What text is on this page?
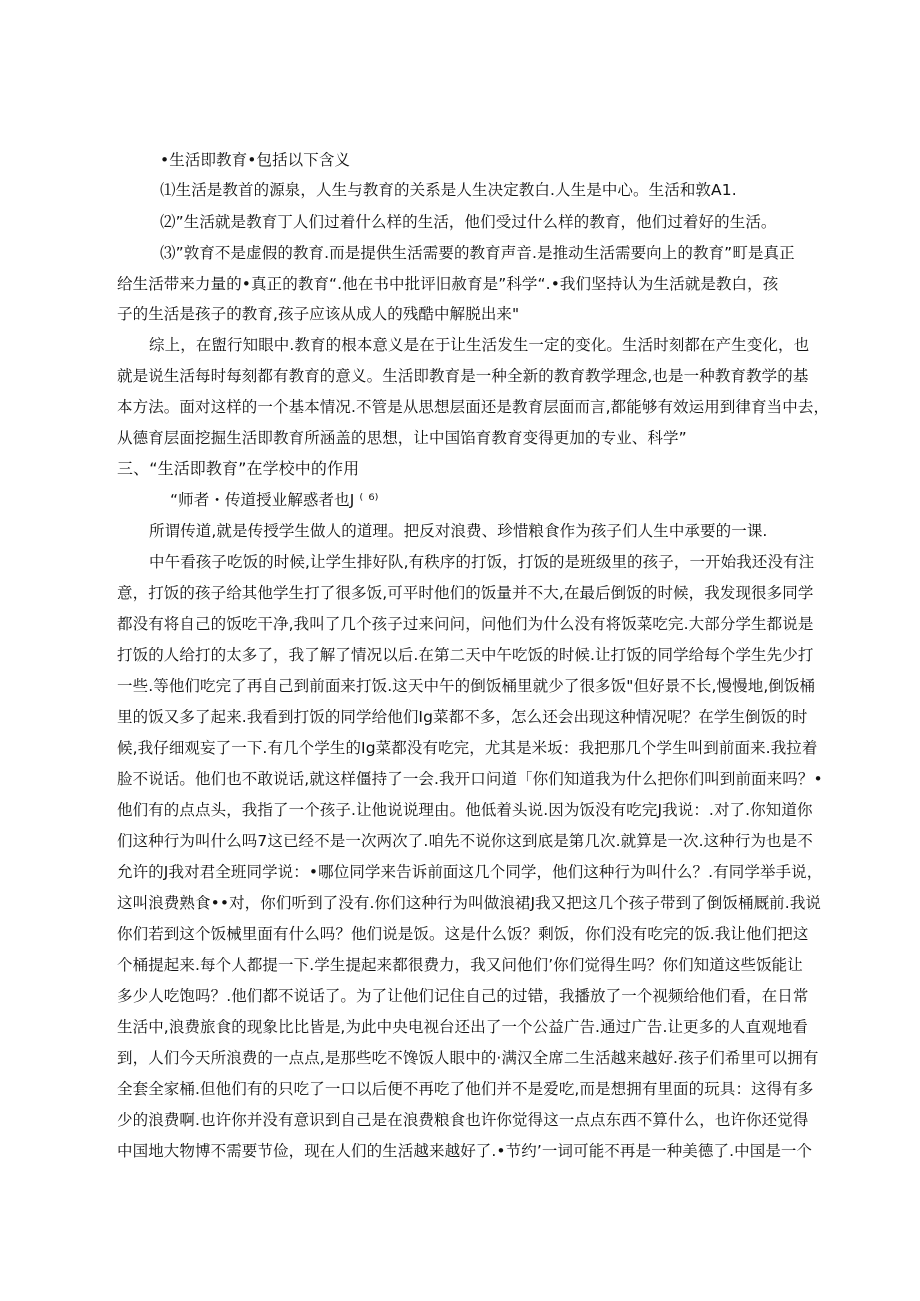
•生活即教育•包括以下含义
⑴生活是教首的源泉，人生与教育的关系是人生决定教白.人生是中心。生活和敦A1.
⑵”生活就是教育丁人们过着什么样的生活，他们受过什么样的教育，他们过着好的生活。
⑶”敦育不是虚假的教育.而是提供生活需要的教育声音.是推动生活需要向上的教育”町是真正
给生活带来力量的•真正的教育“.他在书中批评旧赦育是”科学“.•我们坚持认为生活就是教白，孩
子的生活是孩子的教育,孩子应该从成人的残酷中解脱出来"
综上，在盥行知眼中.教育的根本意义是在于让生活发生一定的变化。生活时刻都在产生变化，也
就是说生活每时每刻都有教育的意义。生活即教育是一种全新的教育教学理念,也是一种教育教学的基
本方法。面对这样的一个基本情况.不管是从思想层面还是教育层面而言,都能够有效运用到律育当中去，
从德育层面挖掘生活即教育所涵盖的思想，让中国馅育教育变得更加的专业、科学”
三、“生活即教育”在学校中的作用
“师者・传道授业解惑者也J ⁽ ⁶⁾
所谓传道,就是传授学生做人的道理。把反对浪费、珍惜粮食作为孩子们人生中承要的一课.
中午看孩子吃饭的时候,让学生排好队,有秩序的打饭，打饭的是班级里的孩子，一开始我还没有注
意，打饭的孩子给其他学生打了很多饭,可平时他们的饭量并不大,在最后倒饭的时候，我发现很多同学
都没有将自己的饭吃干净,我叫了几个孩子过来问问，问他们为什么没有将饭菜吃完.大部分学生都说是
打饭的人给打的太多了，我了解了情况以后.在第二天中午吃饭的时候.让打饭的同学给每个学生先少打
一些.等他们吃完了再自己到前面来打饭.这天中午的倒饭桶里就少了很多饭"但好景不长,慢慢地,倒饭桶
里的饭又多了起来.我看到打饭的同学给他们Ig菜都不多，怎么还会出现这种情况呢？在学生倒饭的时
候,我仔细观妄了一下.有几个学生的Ig菜都没有吃完，尤其是米坂：我把那几个学生叫到前面来.我拉着
脸不说话。他们也不敢说话,就这样僵持了一会.我开口问道「你们知道我为什么把你们叫到前面来吗？•
他们有的点点头，我指了一个孩子.让他说说理由。他低着头说.因为饭没有吃完J我说：.对了.你知道你
们这种行为叫什么吗7这已经不是一次两次了.咱先不说你这到底是第几次.就算是一次.这种行为也是不
允许的J我对君全班同学说：•哪位同学来告诉前面这几个同学，他们这种行为叫什么？.有同学举手说，
这叫浪费熟食••对，你们听到了没有.你们这种行为叫做浪裙J我又把这几个孩子带到了倒饭桶厩前.我说
你们若到这个饭械里面有什么吗？他们说是饭。这是什么饭？剩饭，你们没有吃完的饭.我让他们把这
个桶提起来.每个人都提一下.学生提起来都很费力，我又问他们’你们觉得生吗？你们知道这些饭能让
多少人吃饱吗？.他们都不说话了。为了让他们记住自己的过错，我播放了一个视频给他们看，在日常
生活中,浪费旅食的现象比比皆是,为此中央电视台还出了一个公益广告.通过广告.让更多的人直观地看
到，人们今天所浪费的一点点,是那些吃不馋饭人眼中的·满汉全席二生活越来越好.孩子们希里可以拥有
全套全家桶.但他们有的只吃了一口以后便不再吃了他们并不是爱吃,而是想拥有里面的玩具：这得有多
少的浪费啊.也许你并没有意识到自己是在浪费粮食也许你觉得这一点点东西不算什么，也许你还觉得
中国地大物博不需要节俭，现在人们的生活越来越好了.•节约’一词可能不再是一种美德了.中国是一个
